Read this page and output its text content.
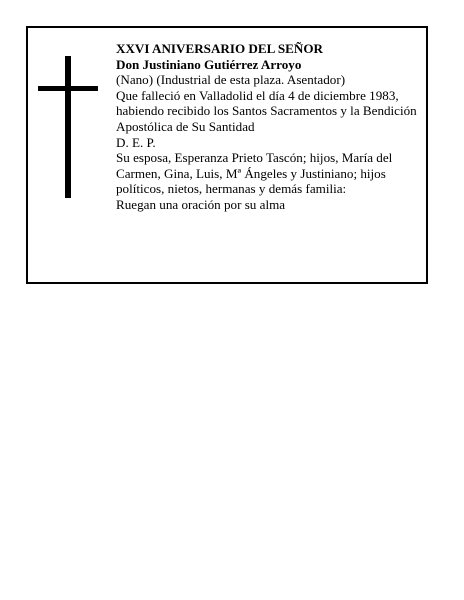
XXVI ANIVERSARIO DEL SEÑOR

Don Justiniano Gutiérrez Arroyo

(Nano) (Industrial de esta plaza. Asentador)

Que falleció en Valladolid el día 4 de diciembre 1983, habiendo recibido los Santos Sacramentos y la Bendición Apostólica de Su Santidad

D. E. P.

Su esposa, Esperanza Prieto Tascón; hijos, María del Carmen, Gina, Luis, Mª Ángeles y Justiniano; hijos políticos, nietos, hermanas y demás familia:

Ruegan una oración por su alma
